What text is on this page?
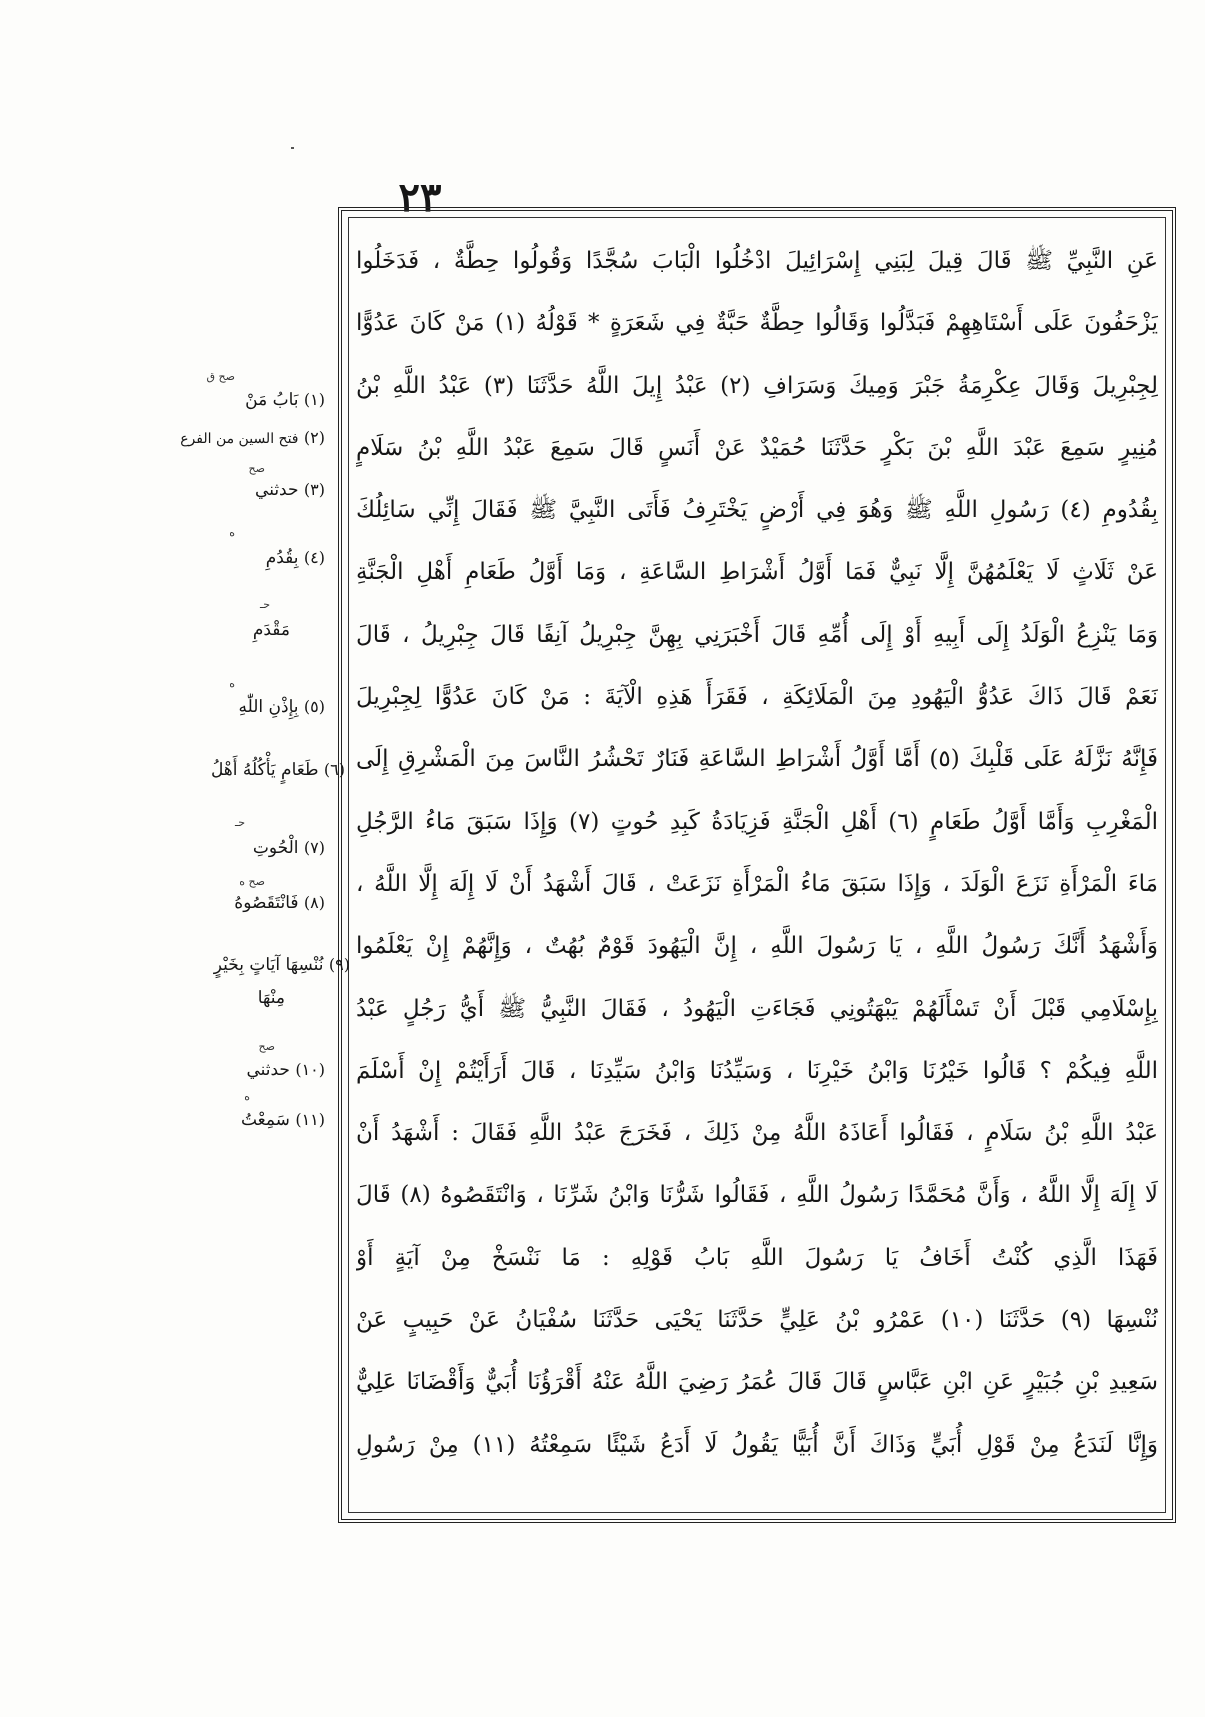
٢٣
عَنِ النَّبِيِّ ﷺ قَالَ قِيلَ لِبَنِي إِسْرَائِيلَ ادْخُلُوا الْبَابَ سُجَّدًا وَقُولُوا حِطَّةٌ ، فَدَخَلُوا
يَزْحَفُونَ عَلَى أَسْتَاهِهِمْ فَبَدَّلُوا وَقَالُوا حِطَّةٌ حَبَّةٌ فِي شَعَرَةٍ * قَوْلُهُ (١) مَنْ كَانَ عَدُوًّا
لِجِبْرِيلَ وَقَالَ عِكْرِمَةُ جَبْرَ وَمِيكَ وَسَرَافِ (٢) عَبْدُ إِيلَ اللَّهُ حَدَّثَنَا (٣) عَبْدُ اللَّهِ بْنُ
مُنِيرٍ سَمِعَ عَبْدَ اللَّهِ بْنَ بَكْرٍ حَدَّثَنَا حُمَيْدٌ عَنْ أَنَسٍ قَالَ سَمِعَ عَبْدُ اللَّهِ بْنُ سَلَامٍ
بِقُدُومِ (٤) رَسُولِ اللَّهِ ﷺ وَهُوَ فِي أَرْضٍ يَخْتَرِفُ فَأَتَى النَّبِيَّ ﷺ فَقَالَ إِنِّي سَائِلُكَ
عَنْ ثَلَاثٍ لَا يَعْلَمُهُنَّ إِلَّا نَبِيٌّ فَمَا أَوَّلُ أَشْرَاطِ السَّاعَةِ ، وَمَا أَوَّلُ طَعَامِ أَهْلِ الْجَنَّةِ
وَمَا يَنْزِعُ الْوَلَدُ إِلَى أَبِيهِ أَوْ إِلَى أُمِّهِ قَالَ أَخْبَرَنِي بِهِنَّ جِبْرِيلُ آنِفًا قَالَ جِبْرِيلُ ، قَالَ
نَعَمْ قَالَ ذَاكَ عَدُوُّ الْيَهُودِ مِنَ الْمَلَائِكَةِ ، فَقَرَأَ هَذِهِ الْآيَةَ : مَنْ كَانَ عَدُوًّا لِجِبْرِيلَ
فَإِنَّهُ نَزَّلَهُ عَلَى قَلْبِكَ (٥) أَمَّا أَوَّلُ أَشْرَاطِ السَّاعَةِ فَنَارٌ تَحْشُرُ النَّاسَ مِنَ الْمَشْرِقِ إِلَى
الْمَغْرِبِ وَأَمَّا أَوَّلُ طَعَامٍ (٦) أَهْلِ الْجَنَّةِ فَزِيَادَةُ كَبِدِ حُوتٍ (٧) وَإِذَا سَبَقَ مَاءُ الرَّجُلِ
مَاءَ الْمَرْأَةِ نَزَعَ الْوَلَدَ ، وَإِذَا سَبَقَ مَاءُ الْمَرْأَةِ نَزَعَتْ ، قَالَ أَشْهَدُ أَنْ لَا إِلَهَ إِلَّا اللَّهُ ،
وَأَشْهَدُ أَنَّكَ رَسُولُ اللَّهِ ، يَا رَسُولَ اللَّهِ ، إِنَّ الْيَهُودَ قَوْمٌ بُهُتٌ ، وَإِنَّهُمْ إِنْ يَعْلَمُوا
بِإِسْلَامِي قَبْلَ أَنْ تَسْأَلَهُمْ يَبْهَتُونِي فَجَاءَتِ الْيَهُودُ ، فَقَالَ النَّبِيُّ ﷺ أَيُّ رَجُلٍ عَبْدُ
اللَّهِ فِيكُمْ ؟ قَالُوا خَيْرُنَا وَابْنُ خَيْرِنَا ، وَسَيِّدُنَا وَابْنُ سَيِّدِنَا ، قَالَ أَرَأَيْتُمْ إِنْ أَسْلَمَ
عَبْدُ اللَّهِ بْنُ سَلَامٍ ، فَقَالُوا أَعَاذَهُ اللَّهُ مِنْ ذَلِكَ ، فَخَرَجَ عَبْدُ اللَّهِ فَقَالَ : أَشْهَدُ أَنْ
لَا إِلَهَ إِلَّا اللَّهُ ، وَأَنَّ مُحَمَّدًا رَسُولُ اللَّهِ ، فَقَالُوا شَرُّنَا وَابْنُ شَرِّنَا ، وَانْتَقَصُوهُ (٨) قَالَ
فَهَذَا الَّذِي كُنْتُ أَخَافُ يَا رَسُولَ اللَّهِ بَابُ قَوْلِهِ : مَا نَنْسَخْ مِنْ آيَةٍ أَوْ
نُنْسِهَا (٩) حَدَّثَنَا (١٠) عَمْرُو بْنُ عَلِيٍّ حَدَّثَنَا يَحْيَى حَدَّثَنَا سُفْيَانُ عَنْ حَبِيبٍ عَنْ
سَعِيدِ بْنِ جُبَيْرٍ عَنِ ابْنِ عَبَّاسٍ قَالَ قَالَ عُمَرُ رَضِيَ اللَّهُ عَنْهُ أَقْرَؤُنَا أُبَيٌّ وَأَقْضَانَا عَلِيٌّ
وَإِنَّا لَنَدَعُ مِنْ قَوْلِ أُبَيٍّ وَذَاكَ أَنَّ أُبَيًّا يَقُولُ لَا أَدَعُ شَيْئًا سَمِعْتُهُ (١١) مِنْ رَسُولِ
صح ق
(١) بَابُ مَنْ
(٢) فتح السين من الفرع
صح
(٣) حدثني
ه
(٤) بِقُدُمِ
حـ
مَقْدَمِ
ه
(٥) بِإِذْنِ اللّٰهِ
(٦) طَعَامٍ يَأْكُلُهُ أَهْلُ
حـ
(٧) الْحُوتِ
صح ه
(٨) فَانْتَقَصُوهُ
(٩) نُنْسِهَا آيَاتٍ بِخَيْرٍ
مِنْهَا
صح
(١٠) حدثني
ه
(١١) سَمِعْتُ
